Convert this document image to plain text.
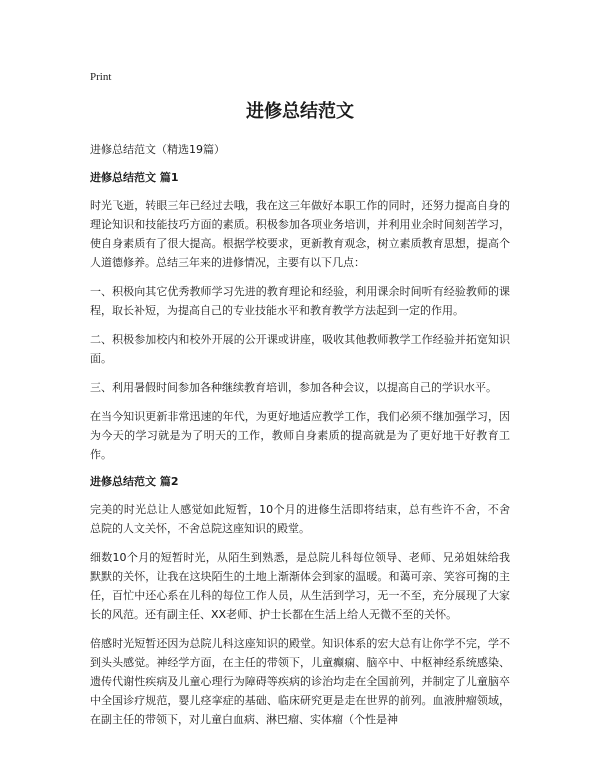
Print
进修总结范文
进修总结范文（精选19篇）
进修总结范文 篇1

时光飞逝，转眼三年已经过去哦，我在这三年做好本职工作的同时，还努力提高自身的理论知识和技能技巧方面的素质。积极参加各项业务培训，并利用业余时间刻苦学习，使自身素质有了很大提高。根据学校要求，更新教育观念，树立素质教育思想，提高个人道德修养。总结三年来的进修情况，主要有以下几点：

一、积极向其它优秀教师学习先进的教育理论和经验，利用课余时间听有经验教师的课程，取长补短，为提高自己的专业技能水平和教育教学方法起到一定的作用。

二、积极参加校内和校外开展的公开课或讲座，吸收其他教师教学工作经验并拓宽知识面。

三、利用暑假时间参加各种继续教育培训，参加各种会议，以提高自己的学识水平。

在当今知识更新非常迅速的年代，为更好地适应教学工作，我们必须不继加强学习，因为今天的学习就是为了明天的工作，教师自身素质的提高就是为了更好地干好教育工作。

进修总结范文 篇2

完美的时光总让人感觉如此短暂，10个月的进修生活即将结束，总有些许不舍，不舍总院的人文关怀，不舍总院这座知识的殿堂。

细数10个月的短暂时光，从陌生到熟悉，是总院儿科每位领导、老师、兄弟姐妹给我默默的关怀，让我在这块陌生的土地上渐渐体会到家的温暖。和蔼可亲、笑容可掬的主任，百忙中还心系在儿科的每位工作人员，从生活到学习，无一不至，充分展现了大家长的风范。还有副主任、XX老师、护士长都在生活上给人无微不至的关怀。

倍感时光短暂还因为总院儿科这座知识的殿堂。知识体系的宏大总有让你学不完，学不到头头感觉。神经学方面，在主任的带领下，儿童癫痫、脑卒中、中枢神经系统感染、遗传代谢性疾病及儿童心理行为障碍等疾病的诊治均走在全国前列，并制定了儿童脑卒中全国诊疗规范，婴儿痉挛症的基础、临床研究更是走在世界的前列。血液肿瘤领域，在副主任的带领下，对儿童白血病、淋巴瘤、实体瘤（个性是神
